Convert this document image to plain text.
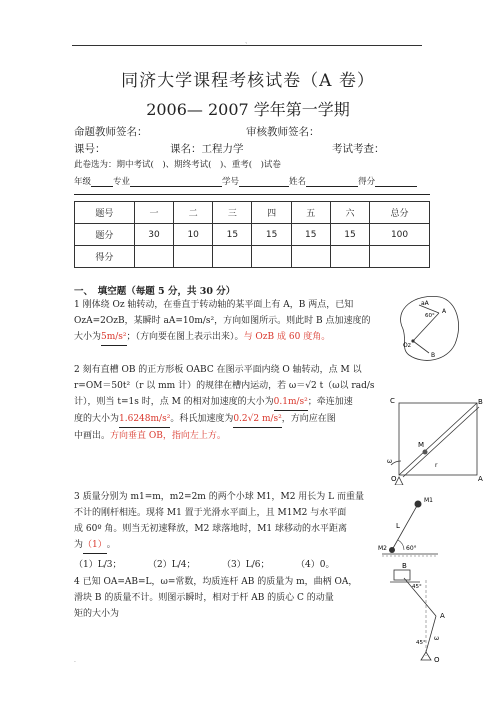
、
同济大学课程考核试卷（A 卷）
2006— 2007 学年第一学期
命题教师签名：	审核教师签名：
课号：	课名：工程力学	考试考查：
此卷选为：期中考试(　)、期终考试(　)、重考(　)试卷
年级	专业	学号	姓名	得分
题号	一	二	三	四	五	六	总分
题分	30	10	15	15	15	15	100
得分							
一、　填空题（每题 5 分，共 30 分）
1 刚体绕 Oz 轴转动，在垂直于转动轴的某平面上有 A，B 两点，已知
OzA=2OzB，某瞬时 aA=10m/s²，方向如图所示。则此时 B 点加速度的
大小为5m/s²；（方向要在图上表示出来）。与 OzB 成 60 度角。
2 刻有直槽 OB 的正方形板 OABC 在图示平面内绕 O 轴转动，点 M 以
r=OM＝50t²（r 以 mm 计）的规律在槽内运动，若 ω＝√2 t（ω以 rad/s
计），则当 t=1s 时，点 M 的相对加速度的大小为0.1m/s²；牵连加速
度的大小为1.6248m/s²。科氏加速度为0.2√2 m/s²，方向应在图
中画出。方向垂直 OB，指向左上方。
3 质量分别为 m1=m，m2=2m 的两个小球 M1，M2 用长为 L 而重量
不计的刚杆相连。现将 M1 置于光滑水平面上，且 M1M2 与水平面
成 60º 角。则当无初速释放，M2 球落地时，M1 球移动的水平距离
为（1）。
（1）L/3；	（2）L/4；	（3）L/6；	（4）0。
4 已知 OA=AB=L，ω=常数，均质连杆 AB 的质量为 m，曲柄 OA，
滑块 B 的质量不计。则图示瞬时，相对于杆 AB 的质心 C 的动量
矩的大小为
.
aA
A
60°
Oz
B
C	B
M
r
ω
O	A
M1
L
M2	60°
B
45°
A
ω
45°
O
